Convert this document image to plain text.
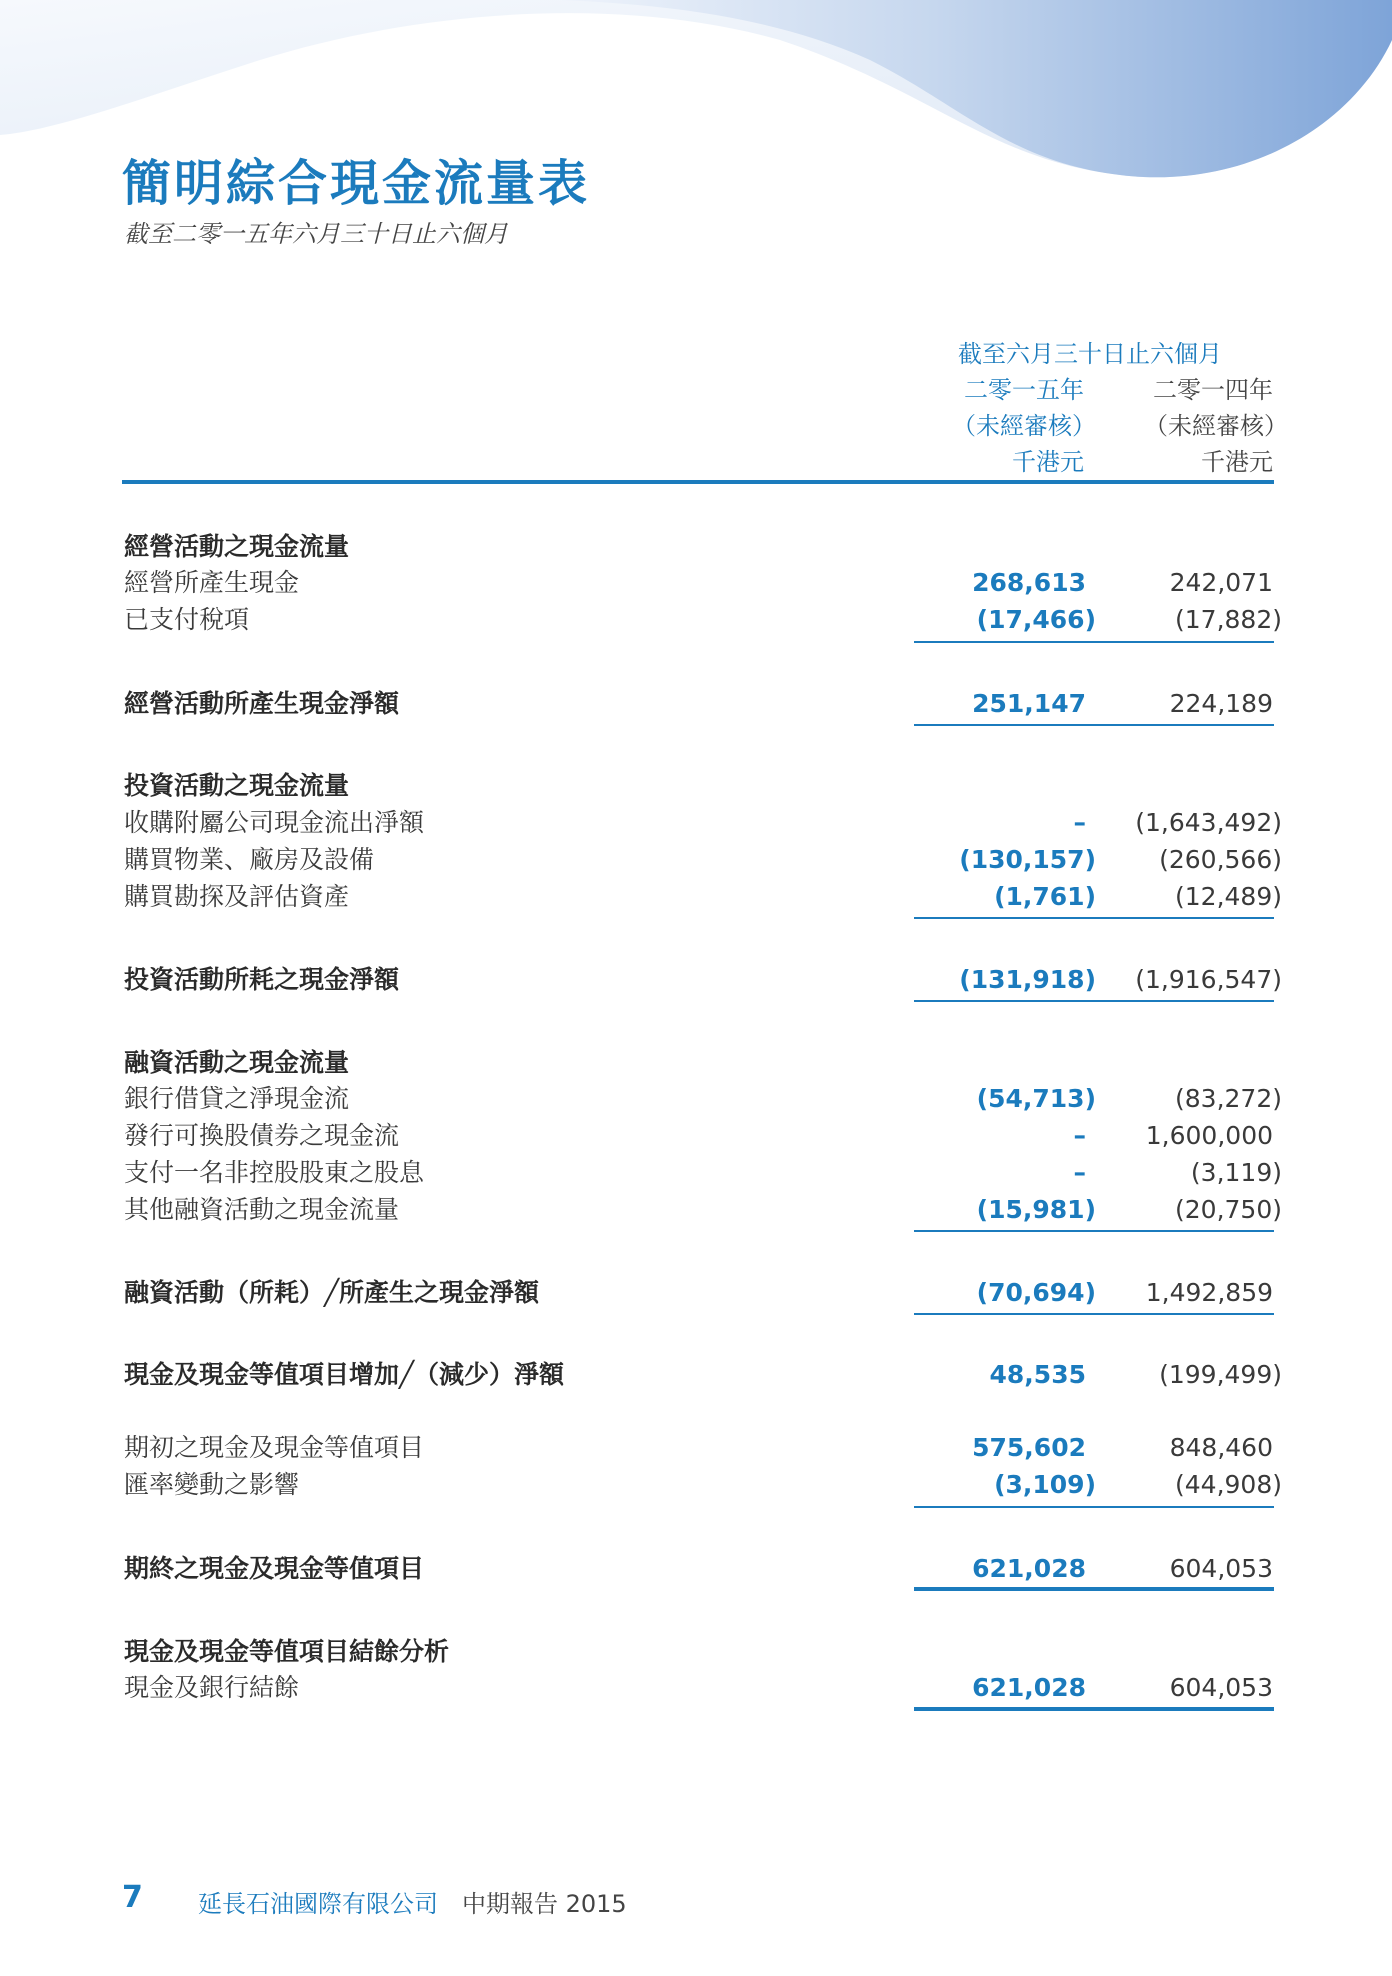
簡明綜合現金流量表
截至二零一五年六月三十日止六個月
截至六月三十日止六個月
二零一五年	二零一四年
（未經審核） （未經審核）
千港元	千港元
經營活動之現金流量
經營所產生現金	268,613	242,071
已支付稅項	(17,466)	(17,882)
經營活動所產生現金淨額	251,147	224,189
投資活動之現金流量
收購附屬公司現金流出淨額	– (1,643,492)
購買物業、廠房及設備	(130,157)	(260,566)
購買勘探及評估資產	(1,761)	(12,489)
投資活動所耗之現金淨額	(131,918) (1,916,547)
融資活動之現金流量
銀行借貸之淨現金流	(54,713)	(83,272)
發行可換股債券之現金流	– 1,600,000
支付一名非控股股東之股息	–	(3,119)
其他融資活動之現金流量	(15,981)	(20,750)
融資活動（所耗）╱所產生之現金淨額	(70,694) 1,492,859
現金及現金等值項目增加╱（減少）淨額	48,535	(199,499)
期初之現金及現金等值項目	575,602	848,460
匯率變動之影響	(3,109)	(44,908)
期終之現金及現金等值項目	621,028	604,053
現金及現金等值項目結餘分析
現金及銀行結餘	621,028	604,053
7 延長石油國際有限公司 中期報告 2015
